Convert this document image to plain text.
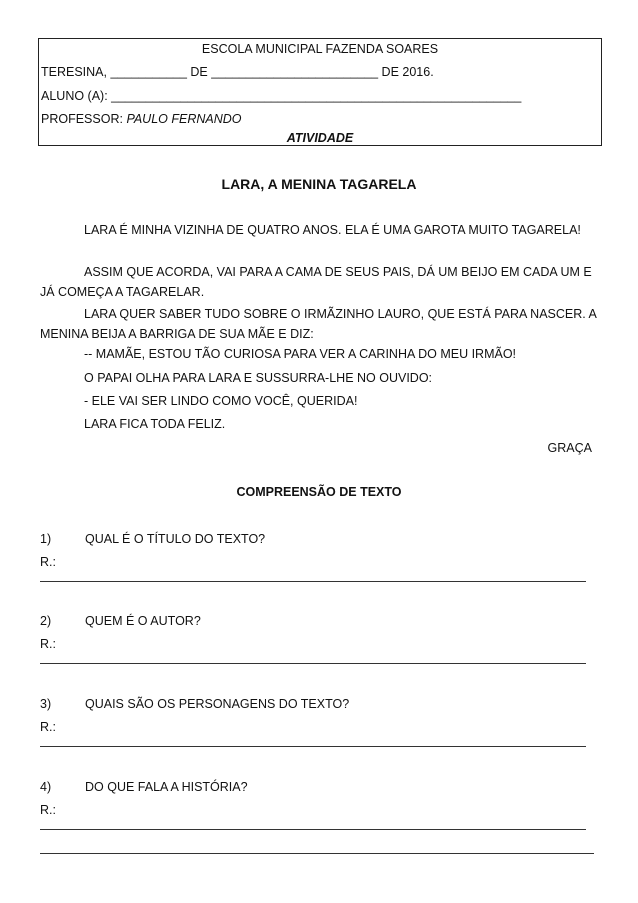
ESCOLA MUNICIPAL FAZENDA SOARES
TERESINA, ___________ DE ________________________ DE 2016.
ALUNO (A): ___________________________________________________________
PROFESSOR: PAULO FERNANDO
ATIVIDADE
LARA, A MENINA TAGARELA
LARA É MINHA VIZINHA DE QUATRO ANOS. ELA É UMA GAROTA MUITO TAGARELA!
ASSIM QUE ACORDA, VAI PARA A CAMA DE SEUS PAIS, DÁ UM BEIJO EM CADA UM E JÁ COMEÇA A TAGARELAR.
LARA QUER SABER TUDO SOBRE O IRMÃZINHO LAURO, QUE ESTÁ PARA NASCER. A MENINA BEIJA A BARRIGA DE SUA MÃE E DIZ:
-- MAMÃE, ESTOU TÃO CURIOSA PARA VER A CARINHA DO MEU IRMÃO!
O PAPAI OLHA PARA LARA E SUSSURRA-LHE NO OUVIDO:
- ELE VAI SER LINDO COMO VOCÊ, QUERIDA!
LARA FICA TODA FELIZ.
GRAÇA
COMPREENSÃO DE TEXTO
1)	QUAL É O TÍTULO DO TEXTO?
R.:
2)	QUEM É O AUTOR?
R.:
3)	QUAIS SÃO OS PERSONAGENS DO TEXTO?
R.:
4)	DO QUE FALA A HISTÓRIA?
R.:
